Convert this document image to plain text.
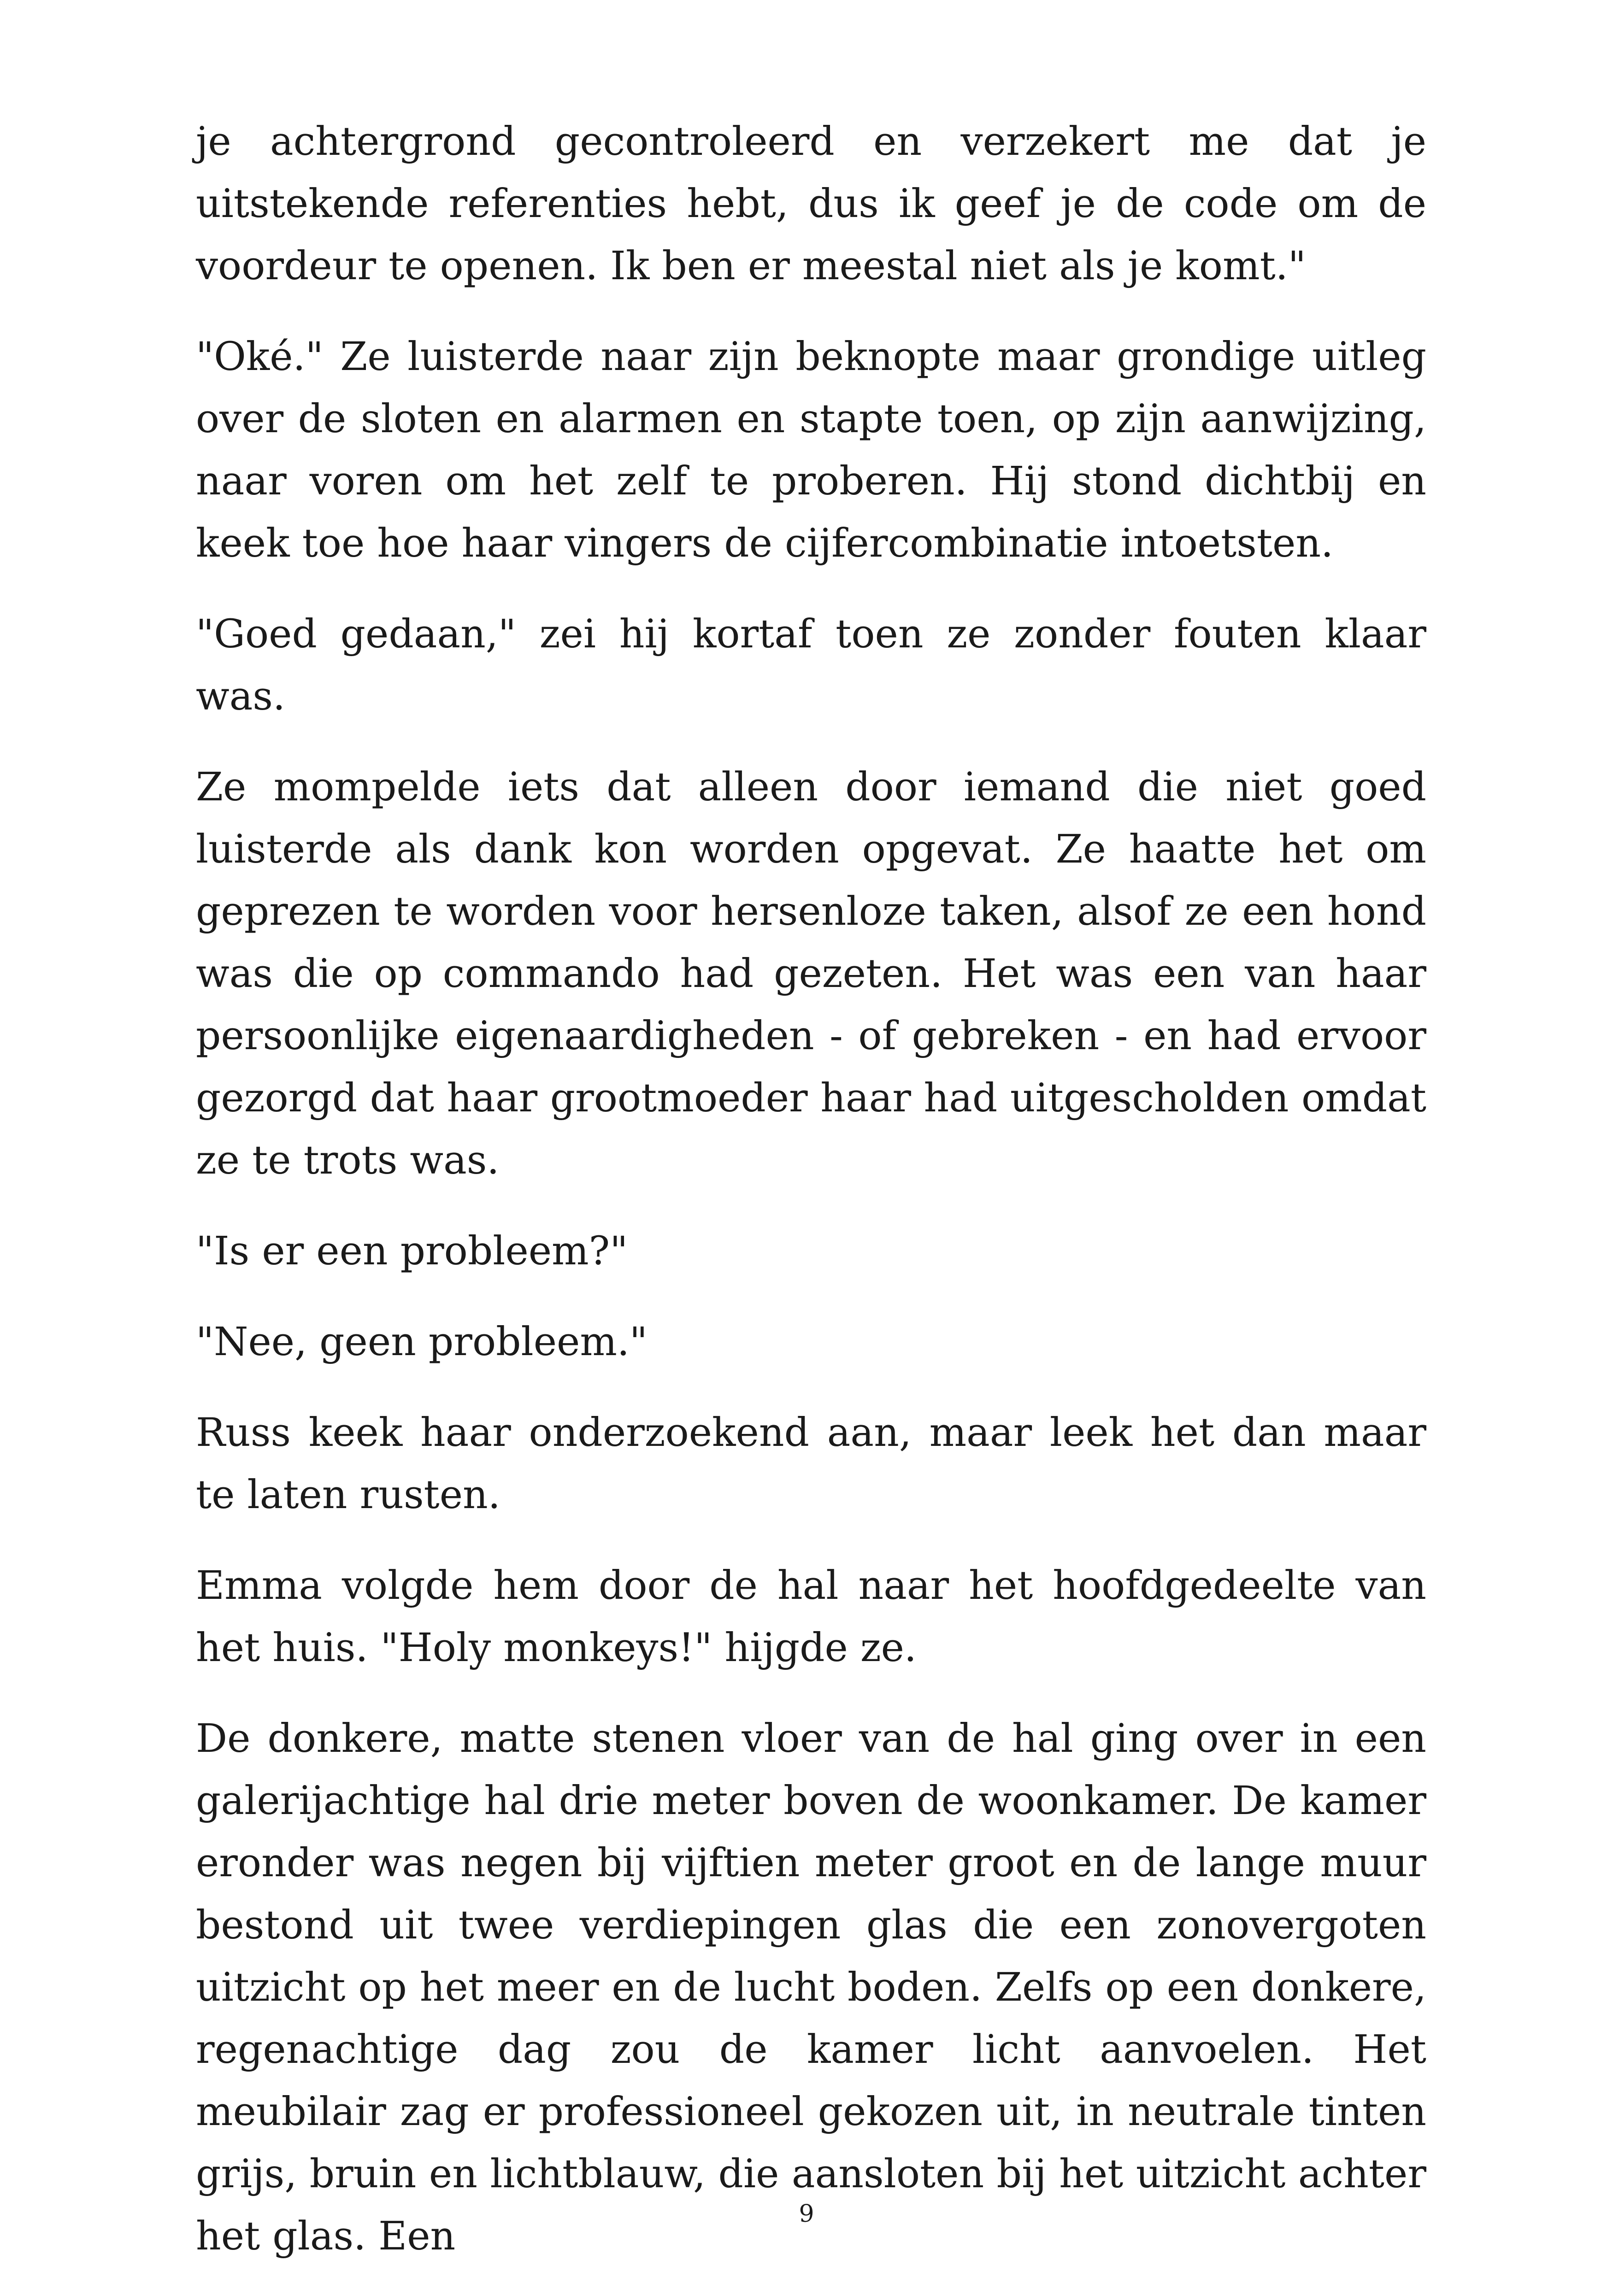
je achtergrond gecontroleerd en verzekert me dat je uitstekende referenties hebt, dus ik geef je de code om de voordeur te openen. Ik ben er meestal niet als je komt."

"Oké." Ze luisterde naar zijn beknopte maar grondige uitleg over de sloten en alarmen en stapte toen, op zijn aanwijzing, naar voren om het zelf te proberen. Hij stond dichtbij en keek toe hoe haar vingers de cijfercombinatie intoetsten.

"Goed gedaan," zei hij kortaf toen ze zonder fouten klaar was.

Ze mompelde iets dat alleen door iemand die niet goed luisterde als dank kon worden opgevat. Ze haatte het om geprezen te worden voor hersenloze taken, alsof ze een hond was die op commando had gezeten. Het was een van haar persoonlijke eigenaardigheden - of gebreken - en had ervoor gezorgd dat haar grootmoeder haar had uitgescholden omdat ze te trots was.

"Is er een probleem?"

"Nee, geen probleem."

Russ keek haar onderzoekend aan, maar leek het dan maar te laten rusten.

Emma volgde hem door de hal naar het hoofdgedeelte van het huis. "Holy monkeys!" hijgde ze.

De donkere, matte stenen vloer van de hal ging over in een galerijachtige hal drie meter boven de woonkamer. De kamer eronder was negen bij vijftien meter groot en de lange muur bestond uit twee verdiepingen glas die een zonovergoten uitzicht op het meer en de lucht boden. Zelfs op een donkere, regenachtige dag zou de kamer licht aanvoelen. Het meubilair zag er professioneel gekozen uit, in neutrale tinten grijs, bruin en lichtblauw, die aansloten bij het uitzicht achter het glas. Een	9
